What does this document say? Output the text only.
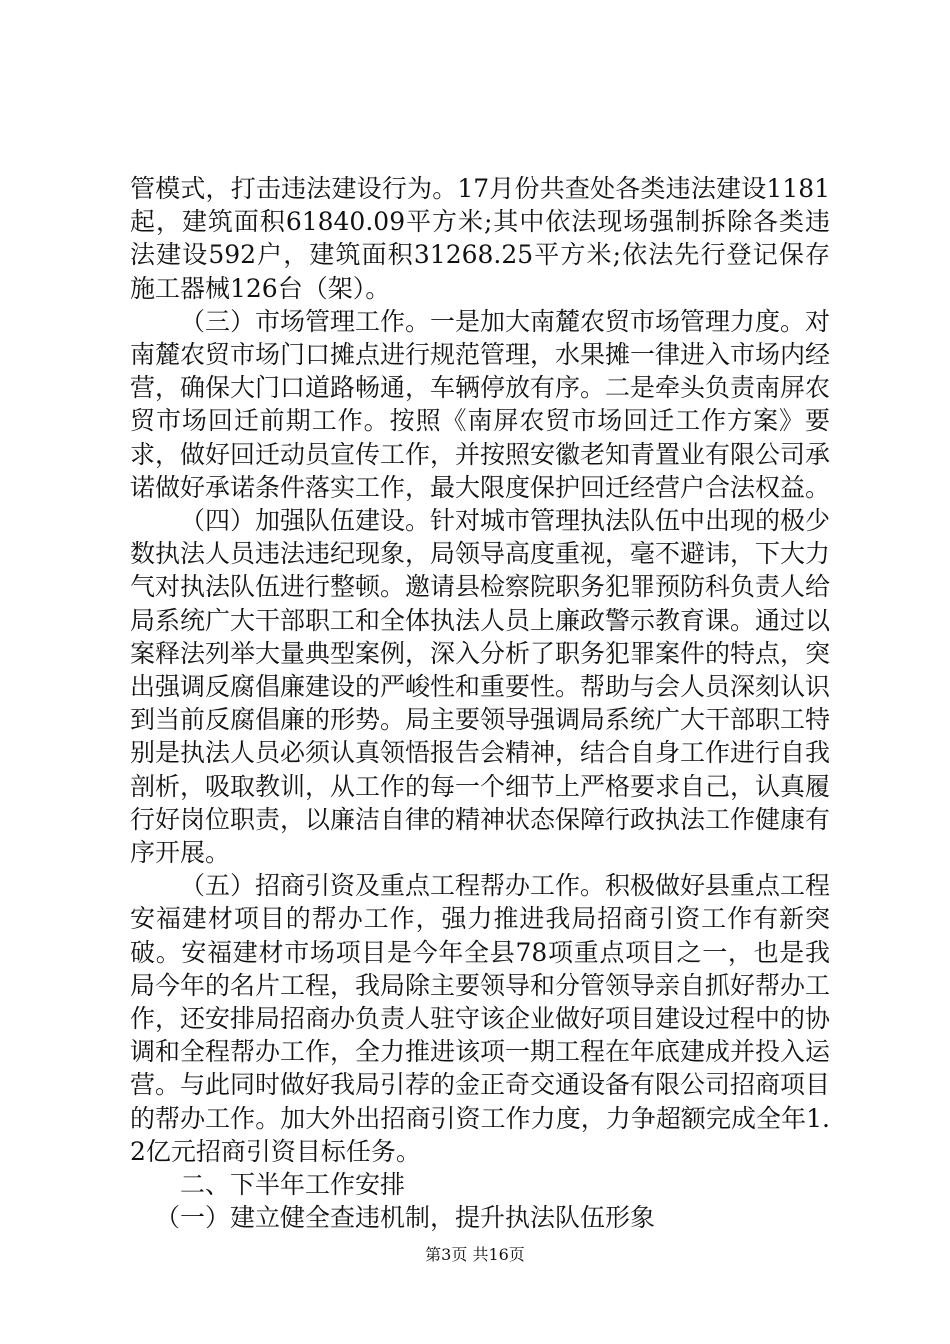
管模式，打击违法建设行为。17月份共查处各类违法建设1181起，建筑面积61840.09平方米;其中依法现场强制拆除各类违法建设592户，建筑面积31268.25平方米;依法先行登记保存施工器械126台（架）。

（三）市场管理工作。一是加大南麓农贸市场管理力度。对南麓农贸市场门口摊点进行规范管理，水果摊一律进入市场内经营，确保大门口道路畅通，车辆停放有序。二是牵头负责南屏农贸市场回迁前期工作。按照《南屏农贸市场回迁工作方案》要求，做好回迁动员宣传工作，并按照安徽老知青置业有限公司承诺做好承诺条件落实工作，最大限度保护回迁经营户合法权益。

（四）加强队伍建设。针对城市管理执法队伍中出现的极少数执法人员违法违纪现象，局领导高度重视，毫不避讳，下大力气对执法队伍进行整顿。邀请县检察院职务犯罪预防科负责人给局系统广大干部职工和全体执法人员上廉政警示教育课。通过以案释法列举大量典型案例，深入分析了职务犯罪案件的特点，突出强调反腐倡廉建设的严峻性和重要性。帮助与会人员深刻认识到当前反腐倡廉的形势。局主要领导强调局系统广大干部职工特别是执法人员必须认真领悟报告会精神，结合自身工作进行自我剖析，吸取教训，从工作的每一个细节上严格要求自己，认真履行好岗位职责，以廉洁自律的精神状态保障行政执法工作健康有序开展。

（五）招商引资及重点工程帮办工作。积极做好县重点工程安福建材项目的帮办工作，强力推进我局招商引资工作有新突破。安福建材市场项目是今年全县78项重点项目之一，也是我局今年的名片工程，我局除主要领导和分管领导亲自抓好帮办工作，还安排局招商办负责人驻守该企业做好项目建设过程中的协调和全程帮办工作，全力推进该项一期工程在年底建成并投入运营。与此同时做好我局引荐的金正奇交通设备有限公司招商项目的帮办工作。加大外出招商引资工作力度，力争超额完成全年1.2亿元招商引资目标任务。

二、下半年工作安排

（一）建立健全查违机制，提升执法队伍形象

第3页 共16页
